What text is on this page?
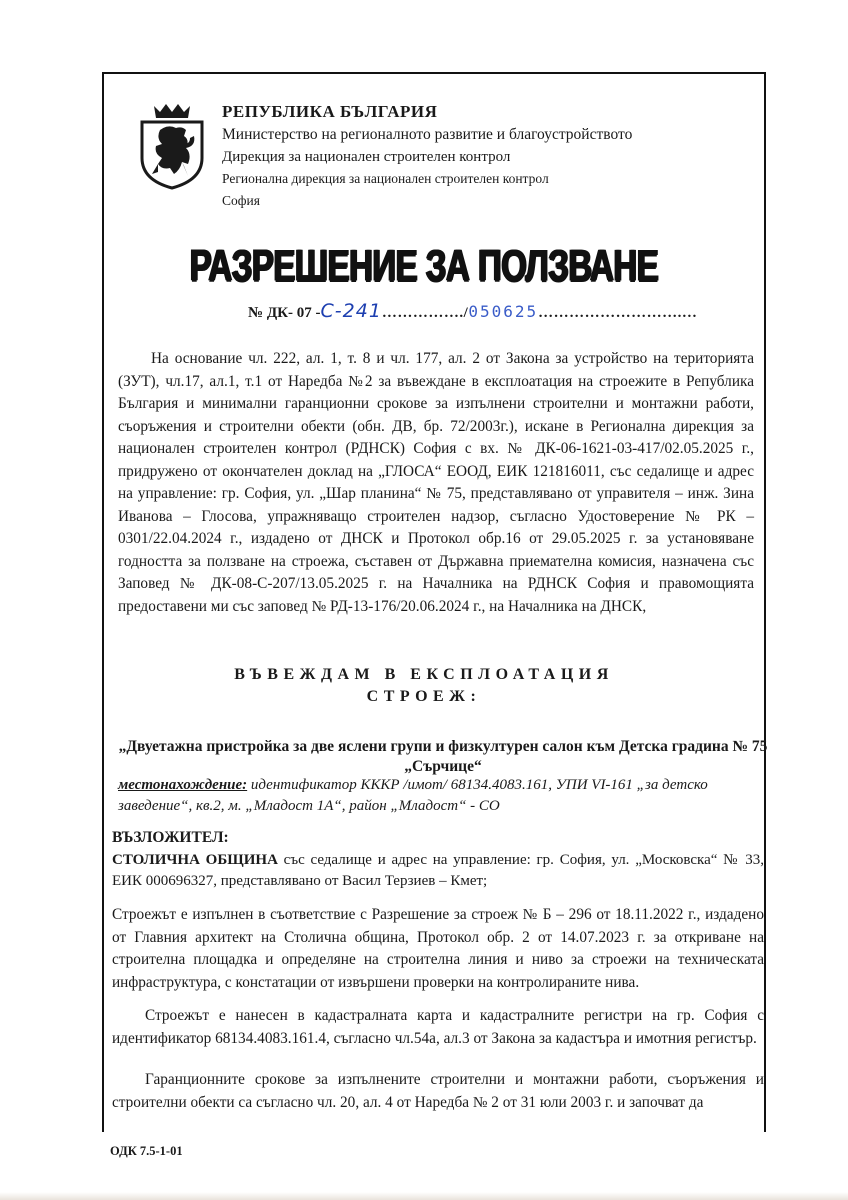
РЕПУБЛИКА БЪЛГАРИЯ
Министерство на регионалното развитие и благоустройството
Дирекция за национален строителен контрол
Регионална дирекция за национален строителен контрол
София
РАЗРЕШЕНИЕ ЗА ПОЛЗВАНЕ
№ ДК- 07 -С-241……………./050625……………………….…
На основание чл. 222, ал. 1, т. 8 и чл. 177, ал. 2 от Закона за устройство на територията (ЗУТ), чл.17, ал.1, т.1 от Наредба №2 за въвеждане в експлоатация на строежите в Република България и минимални гаранционни срокове за изпълнени строителни и монтажни работи, съоръжения и строителни обекти (обн. ДВ, бр. 72/2003г.), искане в Регионална дирекция за национален строителен контрол (РДНСК) София с вх. № ДК-06-1621-03-417/02.05.2025 г., придружено от окончателен доклад на „ГЛОСА“ ЕООД, ЕИК 121816011, със седалище и адрес на управление: гр. София, ул. „Шар планина“ № 75, представлявано от управителя – инж. Зина Иванова – Глосова, упражняващо строителен надзор, съгласно Удостоверение № РК – 0301/22.04.2024 г., издадено от ДНСК и Протокол обр.16 от 29.05.2025 г. за установяване годността за ползване на строежа, съставен от Държавна приемателна комисия, назначена със Заповед № ДК-08-С-207/13.05.2025 г. на Началника на РДНСК София и правомощията предоставени ми със заповед № РД-13-176/20.06.2024 г., на Началника на ДНСК,
ВЪВЕЖДАМ В ЕКСПЛОАТАЦИЯ
СТРОЕЖ:
„Двуетажна пристройка за две яслени групи и физкултурен салон към Детска градина № 75 „Сърчице“
местонахождение: идентификатор КККР /имот/ 68134.4083.161, УПИ VI-161 „за детско заведение“, кв.2, м. „Младост 1А“, район „Младост“ - СО
ВЪЗЛОЖИТЕЛ:
СТОЛИЧНА ОБЩИНА със седалище и адрес на управление: гр. София, ул. „Московска“ № 33, ЕИК 000696327, представлявано от Васил Терзиев – Кмет;
Строежът е изпълнен в съответствие с Разрешение за строеж № Б – 296 от 18.11.2022 г., издадено от Главния архитект на Столична община, Протокол обр. 2 от 14.07.2023 г. за откриване на строителна площадка и определяне на строителна линия и ниво за строежи на техническата инфраструктура, с констатации от извършени проверки на контролираните нива.
Строежът е нанесен в кадастралната карта и кадастралните регистри на гр. София с идентификатор 68134.4083.161.4, съгласно чл.54а, ал.3 от Закона за кадастъра и имотния регистър.
Гаранционните срокове за изпълнените строителни и монтажни работи, съоръжения и строителни обекти са съгласно чл. 20, ал. 4 от Наредба № 2 от 31 юли 2003 г. и започват да
ОДК 7.5-1-01
